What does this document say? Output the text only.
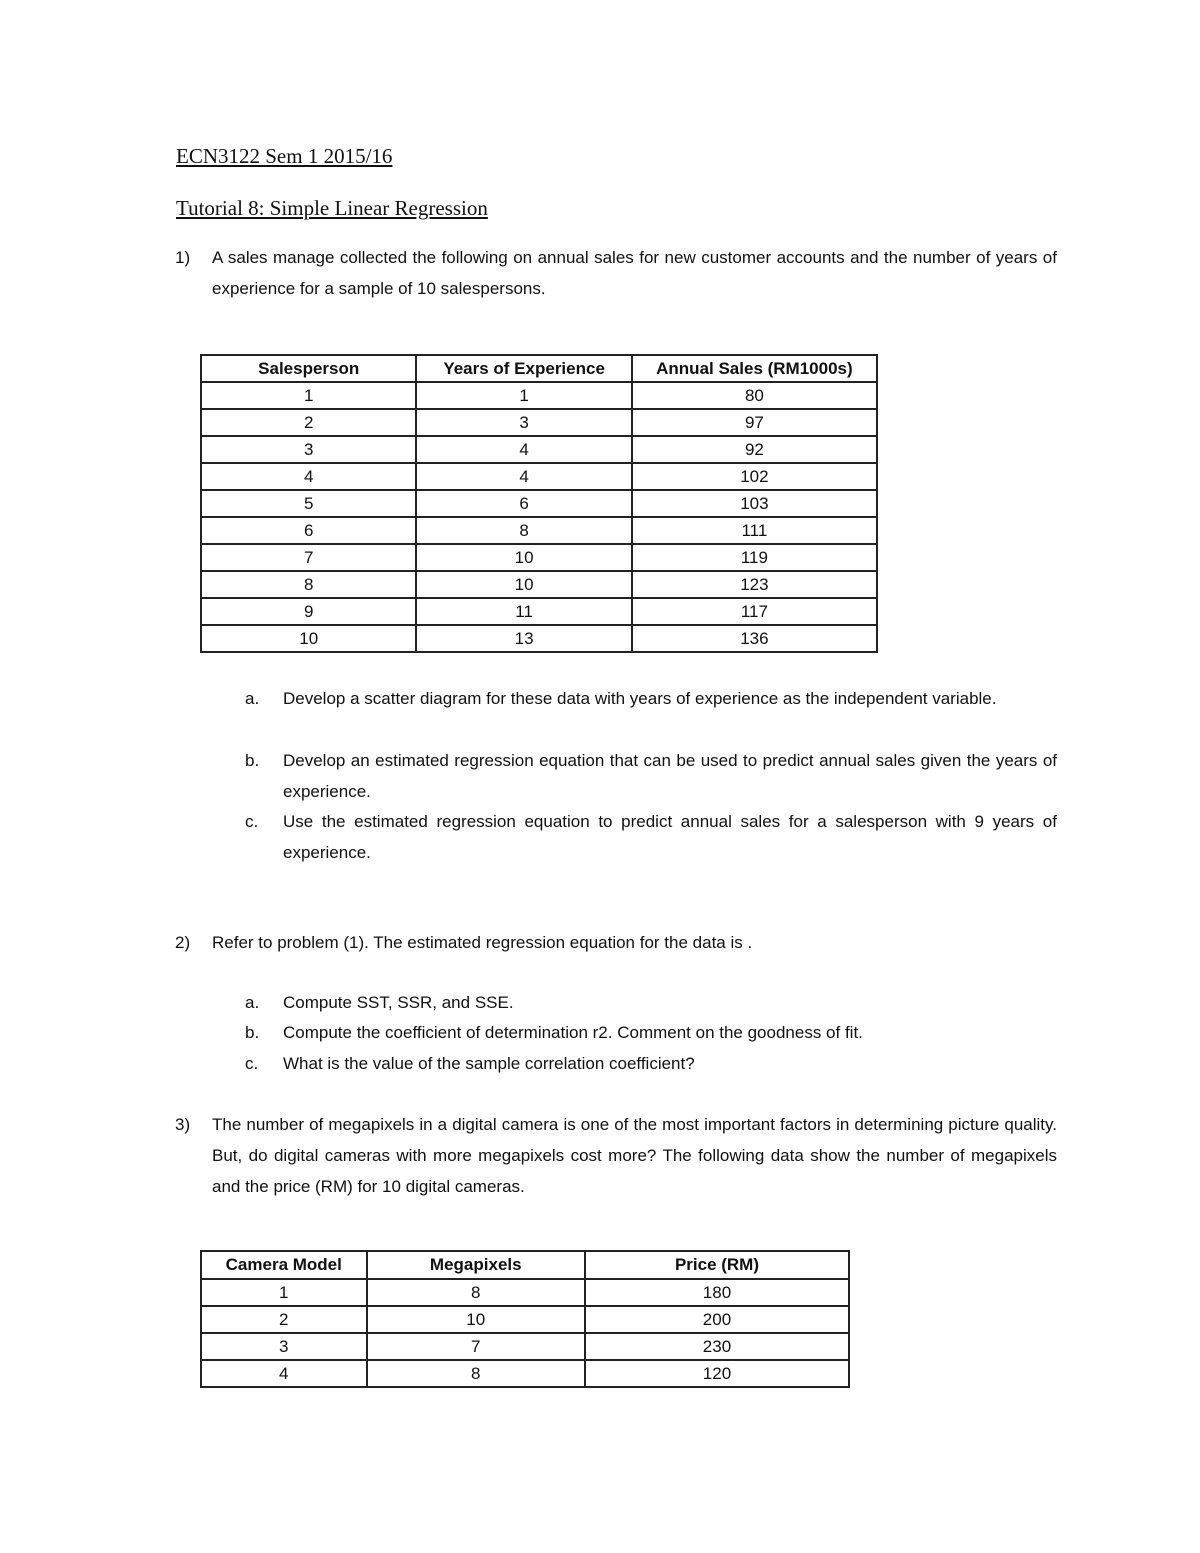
ECN3122 Sem 1 2015/16
Tutorial 8: Simple Linear Regression
1) A sales manage collected the following on annual sales for new customer accounts and the number of years of experience for a sample of 10 salespersons.
Salesperson	Years of Experience	Annual Sales (RM1000s)
1	1	80
2	3	97
3	4	92
4	4	102
5	6	103
6	8	111
7	10	119
8	10	123
9	11	117
10	13	136
a. Develop a scatter diagram for these data with years of experience as the independent variable.
b. Develop an estimated regression equation that can be used to predict annual sales given the years of experience.
c. Use the estimated regression equation to predict annual sales for a salesperson with 9 years of experience.
2) Refer to problem (1). The estimated regression equation for the data is .
a. Compute SST, SSR, and SSE.
b. Compute the coefficient of determination r2. Comment on the goodness of fit.
c. What is the value of the sample correlation coefficient?
3) The number of megapixels in a digital camera is one of the most important factors in determining picture quality. But, do digital cameras with more megapixels cost more? The following data show the number of megapixels and the price (RM) for 10 digital cameras.
Camera Model	Megapixels	Price (RM)
1	8	180
2	10	200
3	7	230
4	8	120
